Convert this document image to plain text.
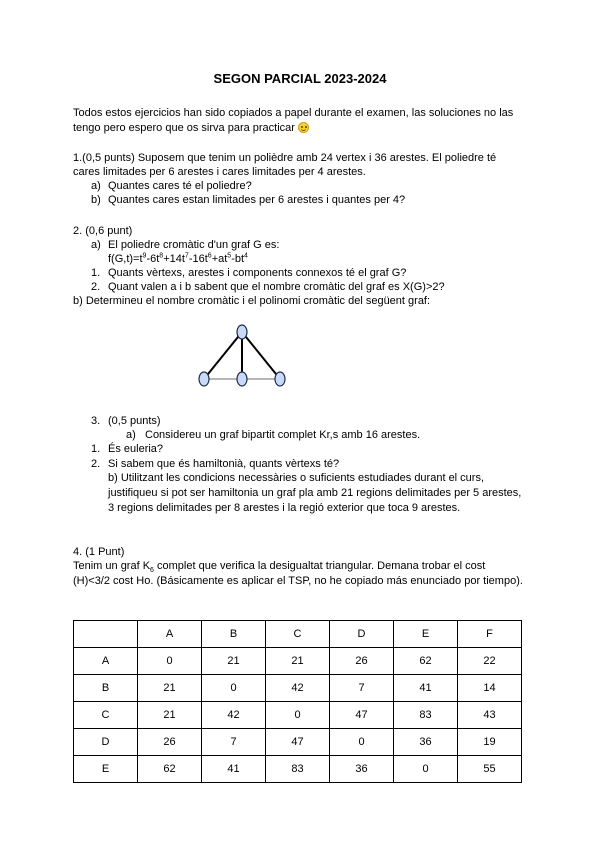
SEGON PARCIAL 2023-2024
Todos estos ejercicios han sido copiados a papel durante el examen, las soluciones no las
tengo pero espero que os sirva para practicar
1.(0,5 punts) Suposem que tenim un polièdre amb 24 vertex i 36 arestes. El poliedre té
cares limitades per 6 arestes i cares limitades per 4 arestes.
a) Quantes cares té el poliedre?
b) Quantes cares estan limitades per 6 arestes i quantes per 4?
2. (0,6 punt)
a) El poliedre cromàtic d'un graf G es:
$f(G,t)=t^9-6t^8+14t^7-16t^6+at^5-bt^4$
1. Quants vèrtexs, arestes i components connexos té el graf G?
2. Quant valen a i b sabent que el nombre cromàtic del graf es X(G)>2?
b) Determineu el nombre cromàtic i el polinomi cromàtic del següent graf:
3. (0,5 punts)
a) Considereu un graf bipartit complet Kr,s amb 16 arestes.
1. És euleria?
2. Si sabem que és hamiltonià, quants vèrtexs té?
b) Utilitzant les condicions necessàries o suficients estudiades durant el curs,
justifiqueu si pot ser hamiltonia un graf pla amb 21 regions delimitades per 5 arestes,
3 regions delimitades per 8 arestes i la regió exterior que toca 9 arestes.
4. (1 Punt)
Tenim un graf $K_6$ complet que verifica la desigualtat triangular. Demana trobar el cost
(H)<3/2 cost Ho. (Básicamente es aplicar el TSP, no he copiado más enunciado por tiempo).
	A	B	C	D	E	F
A	0	21	21	26	62	22
B	21	0	42	7	41	14
C	21	42	0	47	83	43
D	26	7	47	0	36	19
E	62	41	83	36	0	55
